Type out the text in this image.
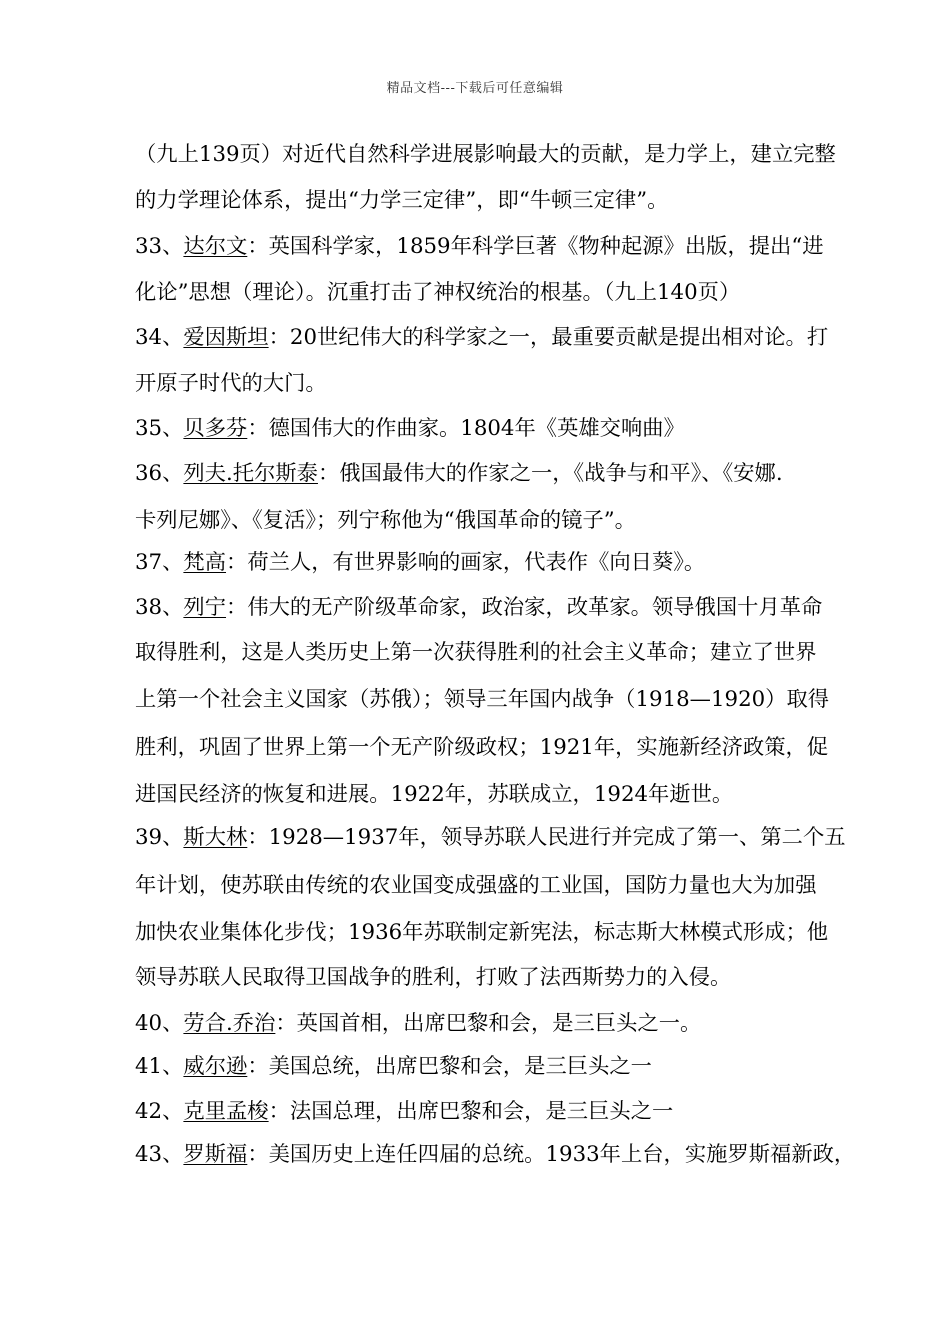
精品文档---下载后可任意编辑
（九上139页）对近代自然科学进展影响最大的贡献，是力学上，建立完整
的力学理论体系，提出“力学三定律”，即“牛顿三定律”。
33、达尔文：英国科学家，1859年科学巨著《物种起源》出版，提出“进
化论”思想（理论）。沉重打击了神权统治的根基。（九上140页）
34、爱因斯坦：20世纪伟大的科学家之一，最重要贡献是提出相对论。打
开原子时代的大门。
35、贝多芬：德国伟大的作曲家。1804年《英雄交响曲》
36、列夫.托尔斯泰：俄国最伟大的作家之一，《战争与和平》、《安娜.
卡列尼娜》、《复活》；列宁称他为“俄国革命的镜子”。
37、梵高：荷兰人，有世界影响的画家，代表作《向日葵》。
38、列宁：伟大的无产阶级革命家，政治家，改革家。领导俄国十月革命
取得胜利，这是人类历史上第一次获得胜利的社会主义革命；建立了世界
上第一个社会主义国家（苏俄）；领导三年国内战争（1918—1920）取得
胜利，巩固了世界上第一个无产阶级政权；1921年，实施新经济政策，促
进国民经济的恢复和进展。1922年，苏联成立，1924年逝世。
39、斯大林：1928—1937年，领导苏联人民进行并完成了第一、第二个五
年计划，使苏联由传统的农业国变成强盛的工业国，国防力量也大为加强
加快农业集体化步伐；1936年苏联制定新宪法，标志斯大林模式形成；他
领导苏联人民取得卫国战争的胜利，打败了法西斯势力的入侵。
40、劳合.乔治：英国首相，出席巴黎和会，是三巨头之一。
41、威尔逊：美国总统，出席巴黎和会，是三巨头之一
42、克里孟梭：法国总理，出席巴黎和会，是三巨头之一
43、罗斯福：美国历史上连任四届的总统。1933年上台，实施罗斯福新政，
